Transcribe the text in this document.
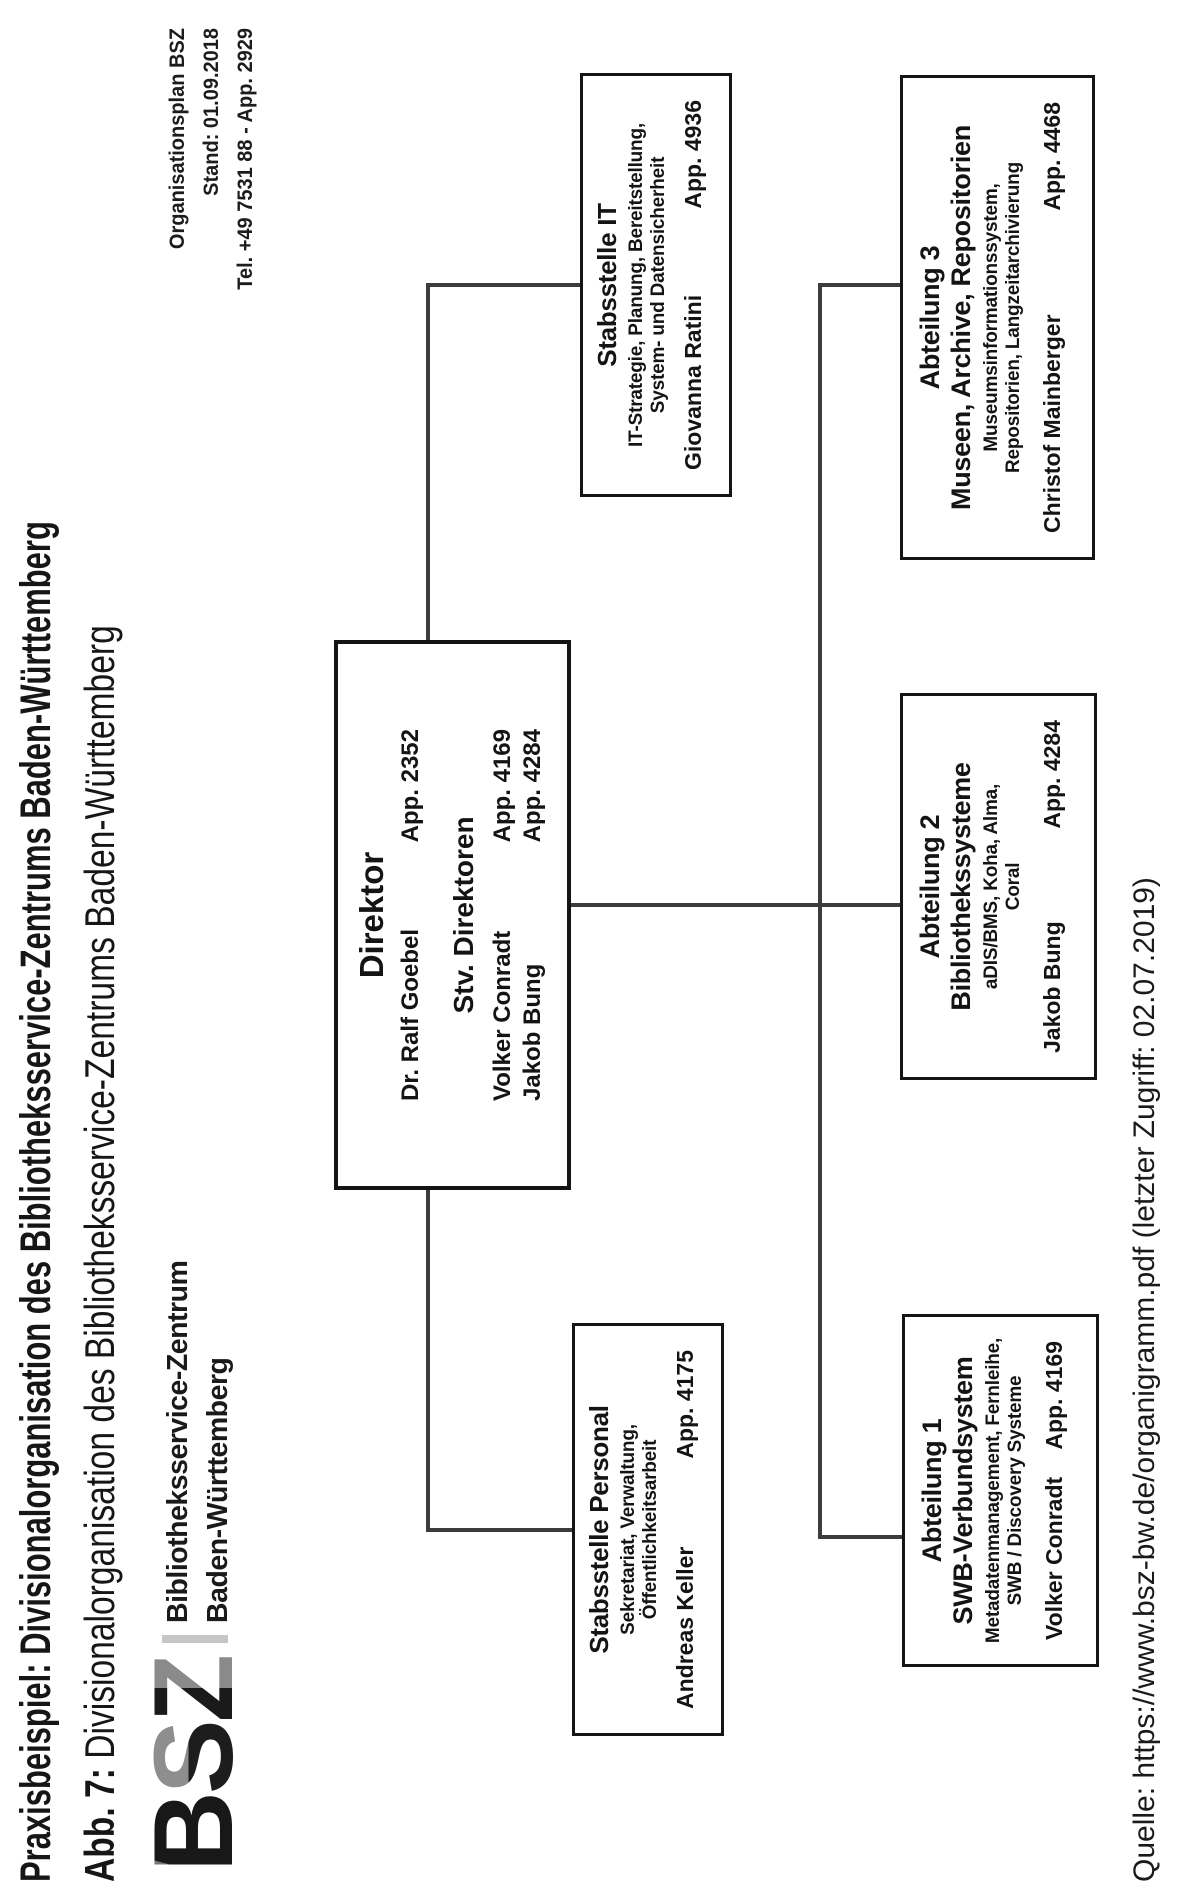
Praxisbeispiel: Divisionalorganisation des Bibliotheksservice-Zentrums Baden-Württemberg Abb. 7: Divisionalorganisation des Bibliotheksservice-Zentrums Baden-Württemberg
BSZ
Bibliotheksservice-Zentrum Baden-Württemberg
Organisationsplan BSZ Stand: 01.09.2018 Tel. +49 7531 88 - App. 2929
Direktor
Dr. Ralf Goebel
App. 2352
Stv. Direktoren
Volker Conradt
App. 4169
Jakob Bung
App. 4284
Stabsstelle Personal Sekretariat, Verwaltung, Öffentlichkeitsarbeit
Andreas Keller
App. 4175
Stabsstelle IT IT-Strategie, Planung, Bereitstellung, System- und Datensicherheit Giovanna Ratini
App. 4936
Abteilung 1 SWB-Verbundsystem Metadatenmanagement, Fernleihe, SWB / Discovery Systeme Volker Conradt
App. 4169
Abteilung 2 Bibliothekssysteme aDIS/BMS, Koha, Alma, Coral
Jakob Bung
App. 4284
Abteilung 3 Museen, Archive, Repositorien Museumsinformationssystem, Repositorien, Langzeitarchivierung Christof Mainberger
App. 4468
Quelle: https://www.bsz-bw.de/organigramm.pdf (letzter Zugriff: 02.07.2019)
